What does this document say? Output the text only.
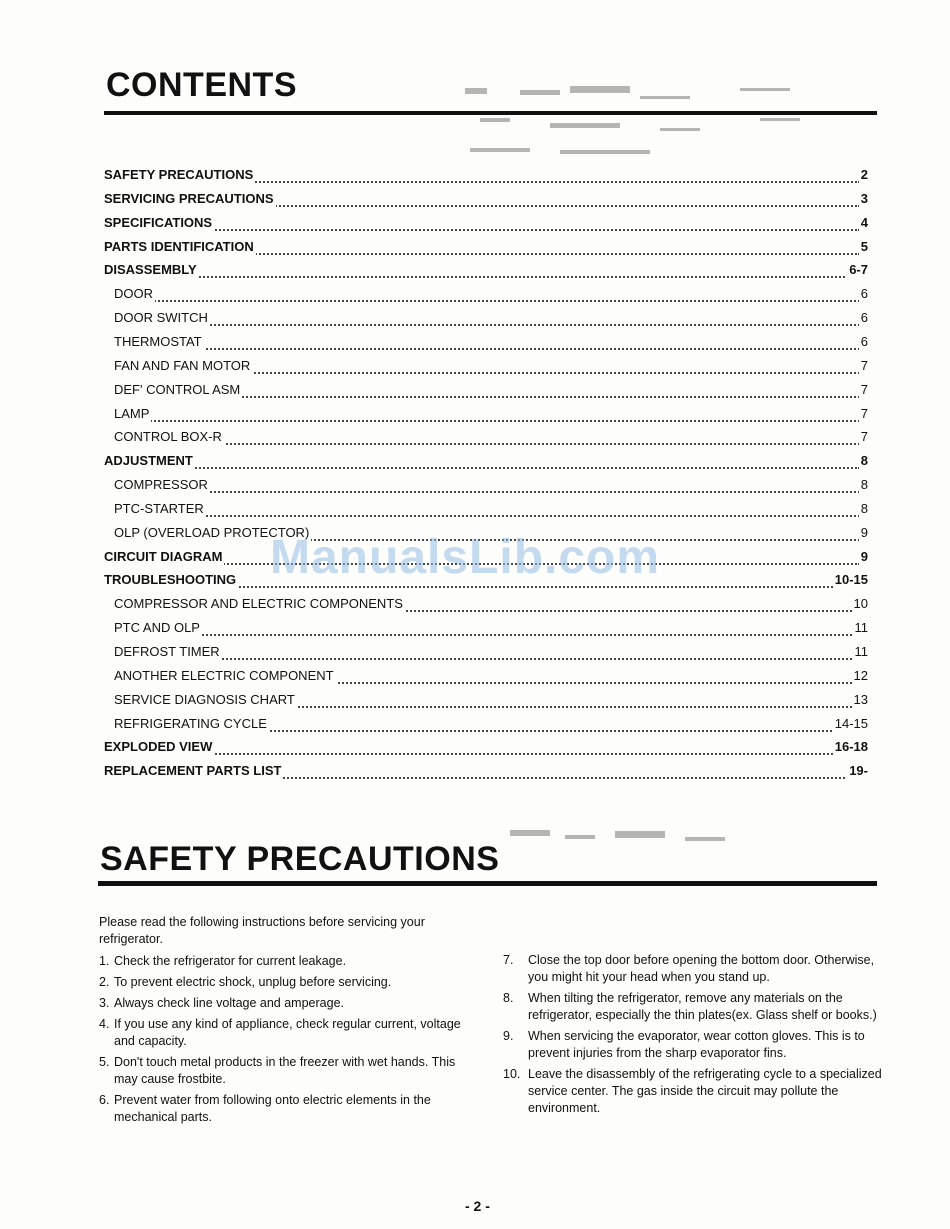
CONTENTS
SAFETY PRECAUTIONS	2
SERVICING PRECAUTIONS	3
SPECIFICATIONS	4
PARTS IDENTIFICATION	5
DISASSEMBLY	6-7
DOOR	6
DOOR SWITCH	6
THERMOSTAT	6
FAN AND FAN MOTOR	7
DEF' CONTROL ASM	7
LAMP	7
CONTROL BOX-R	7
ADJUSTMENT	8
COMPRESSOR	8
PTC-STARTER	8
OLP (OVERLOAD PROTECTOR)	9
CIRCUIT DIAGRAM	9
TROUBLESHOOTING	10-15
COMPRESSOR AND ELECTRIC COMPONENTS	10
PTC AND OLP	11
DEFROST TIMER	11
ANOTHER ELECTRIC COMPONENT	12
SERVICE DIAGNOSIS CHART	13
REFRIGERATING CYCLE	14-15
EXPLODED VIEW	16-18
REPLACEMENT PARTS LIST	19-
ManualsLib.com
SAFETY PRECAUTIONS
Please read the following instructions before servicing your refrigerator.
1. Check the refrigerator for current leakage.
2. To prevent electric shock, unplug before servicing.
3. Always check line voltage and amperage.
4. If you use any kind of appliance, check regular current, voltage and capacity.
5. Don't touch metal products in the freezer with wet hands. This may cause frostbite.
6. Prevent water from following onto electric elements in the mechanical parts.
7. Close the top door before opening the bottom door. Otherwise, you might hit your head when you stand up.
8. When tilting the refrigerator, remove any materials on the refrigerator, especially the thin plates(ex. Glass shelf or books.)
9. When servicing the evaporator, wear cotton gloves. This is to prevent injuries from the sharp evaporator fins.
10. Leave the disassembly of the refrigerating cycle to a specialized service center. The gas inside the circuit may pollute the environment.
- 2 -
